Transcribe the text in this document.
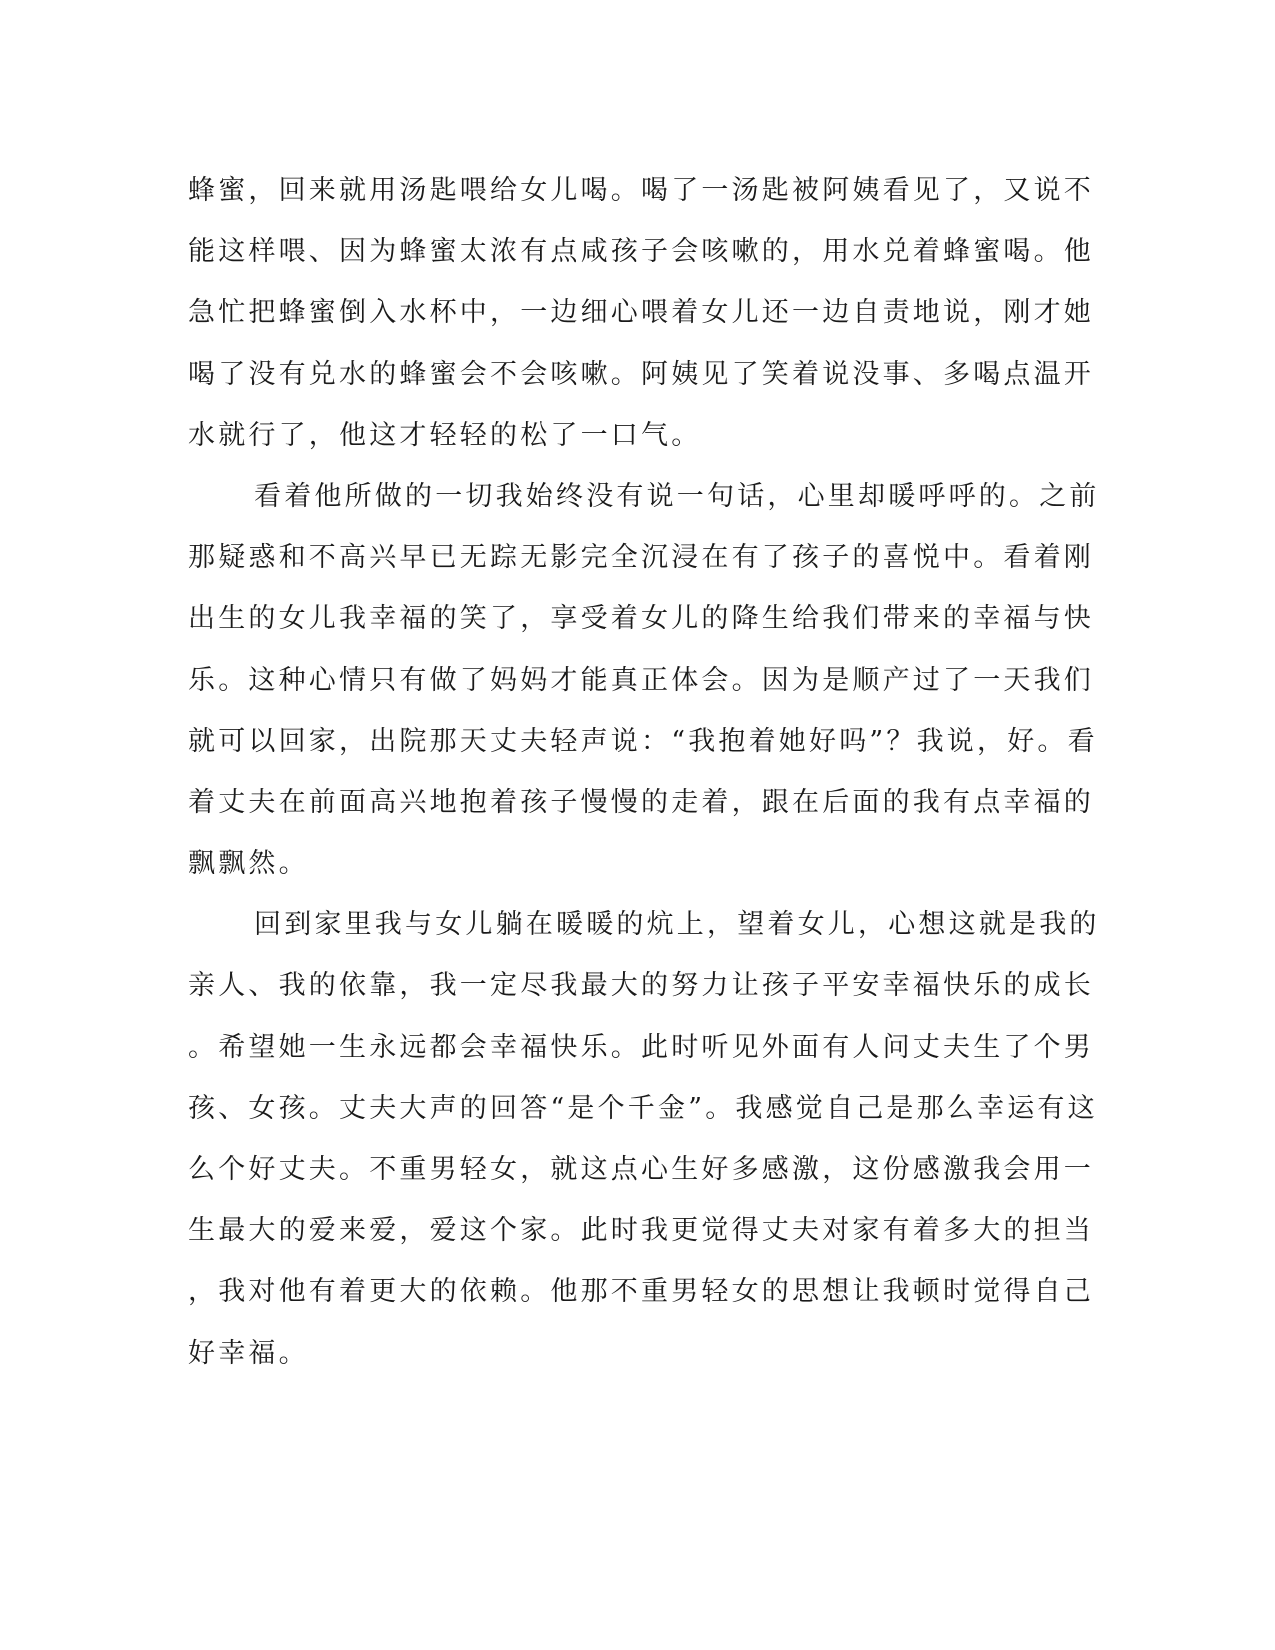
蜂蜜，回来就用汤匙喂给女儿喝。喝了一汤匙被阿姨看见了，又说不
能这样喂、因为蜂蜜太浓有点咸孩子会咳嗽的，用水兑着蜂蜜喝。他
急忙把蜂蜜倒入水杯中，一边细心喂着女儿还一边自责地说，刚才她
喝了没有兑水的蜂蜜会不会咳嗽。阿姨见了笑着说没事、多喝点温开
水就行了，他这才轻轻的松了一口气。
看着他所做的一切我始终没有说一句话，心里却暖呼呼的。之前
那疑惑和不高兴早已无踪无影完全沉浸在有了孩子的喜悦中。看着刚
出生的女儿我幸福的笑了，享受着女儿的降生给我们带来的幸福与快
乐。这种心情只有做了妈妈才能真正体会。因为是顺产过了一天我们
就可以回家，出院那天丈夫轻声说：“我抱着她好吗”？我说，好。看
着丈夫在前面高兴地抱着孩子慢慢的走着，跟在后面的我有点幸福的
飘飘然。
回到家里我与女儿躺在暖暖的炕上，望着女儿，心想这就是我的
亲人、我的依靠，我一定尽我最大的努力让孩子平安幸福快乐的成长
。希望她一生永远都会幸福快乐。此时听见外面有人问丈夫生了个男
孩、女孩。丈夫大声的回答“是个千金”。我感觉自己是那么幸运有这
么个好丈夫。不重男轻女，就这点心生好多感激，这份感激我会用一
生最大的爱来爱，爱这个家。此时我更觉得丈夫对家有着多大的担当
，我对他有着更大的依赖。他那不重男轻女的思想让我顿时觉得自己
好幸福。
